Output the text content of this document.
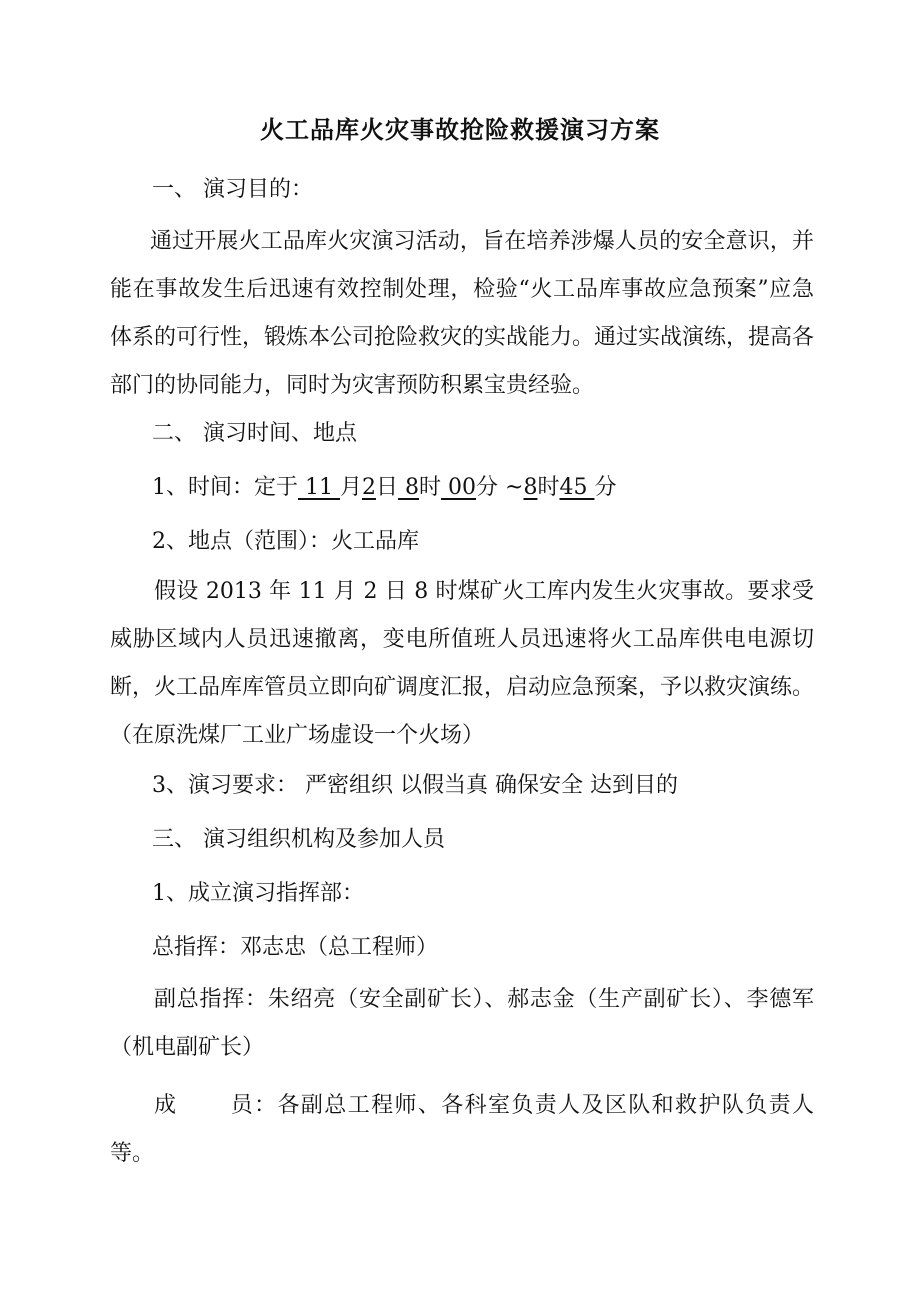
火工品库火灾事故抢险救援演习方案

一、 演习目的：

通过开展火工品库火灾演习活动，旨在培养涉爆人员的安全意识，并能在事故发生后迅速有效控制处理，检验“火工品库事故应急预案”应急体系的可行性，锻炼本公司抢险救灾的实战能力。通过实战演练，提高各部门的协同能力，同时为灾害预防积累宝贵经验。

二、 演习时间、地点

1、时间：定于 11 月2日 8时 00分 ~8时45 分

2、地点（范围）：火工品库

假设 2013 年 11 月 2 日 8 时煤矿火工库内发生火灾事故。要求受威胁区域内人员迅速撤离，变电所值班人员迅速将火工品库供电电源切断，火工品库库管员立即向矿调度汇报，启动应急预案，予以救灾演练。（在原洗煤厂工业广场虚设一个火场）

3、演习要求： 严密组织 以假当真 确保安全 达到目的

三、 演习组织机构及参加人员

1、成立演习指挥部：

总指挥：邓志忠（总工程师）

副总指挥：朱绍亮（安全副矿长）、郝志金（生产副矿长）、李德军（机电副矿长）

成 员：各副总工程师、各科室负责人及区队和救护队负责人等。
